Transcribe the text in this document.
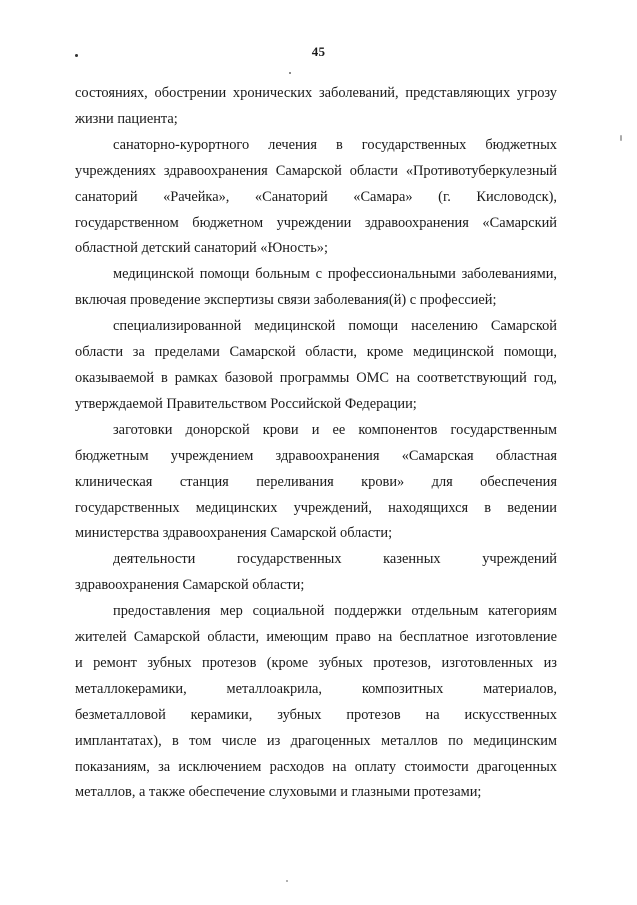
45
состояниях, обострении хронических заболеваний, представляющих угрозу
жизни пациента;
санаторно-курортного лечения в государственных бюджетных
учреждениях здравоохранения Самарской области «Противотуберкулезный
санаторий «Рачейка», «Санаторий «Самара» (г. Кисловодск),
государственном бюджетном учреждении здравоохранения «Самарский
областной детский санаторий «Юность»;
медицинской помощи больным с профессиональными заболеваниями,
включая проведение экспертизы связи заболевания(й) с профессией;
специализированной медицинской помощи населению Самарской
области за пределами Самарской области, кроме медицинской помощи,
оказываемой в рамках базовой программы ОМС на соответствующий год,
утверждаемой Правительством Российской Федерации;
заготовки донорской крови и ее компонентов государственным
бюджетным учреждением здравоохранения «Самарская областная
клиническая станция переливания крови» для обеспечения
государственных медицинских учреждений, находящихся в ведении
министерства здравоохранения Самарской области;
деятельности государственных казенных учреждений
здравоохранения Самарской области;
предоставления мер социальной поддержки отдельным категориям
жителей Самарской области, имеющим право на бесплатное изготовление
и ремонт зубных протезов (кроме зубных протезов, изготовленных из
металлокерамики, металлоакрила, композитных материалов,
безметалловой керамики, зубных протезов на искусственных
имплантатах), в том числе из драгоценных металлов по медицинским
показаниям, за исключением расходов на оплату стоимости драгоценных
металлов, а также обеспечение слуховыми и глазными протезами;
